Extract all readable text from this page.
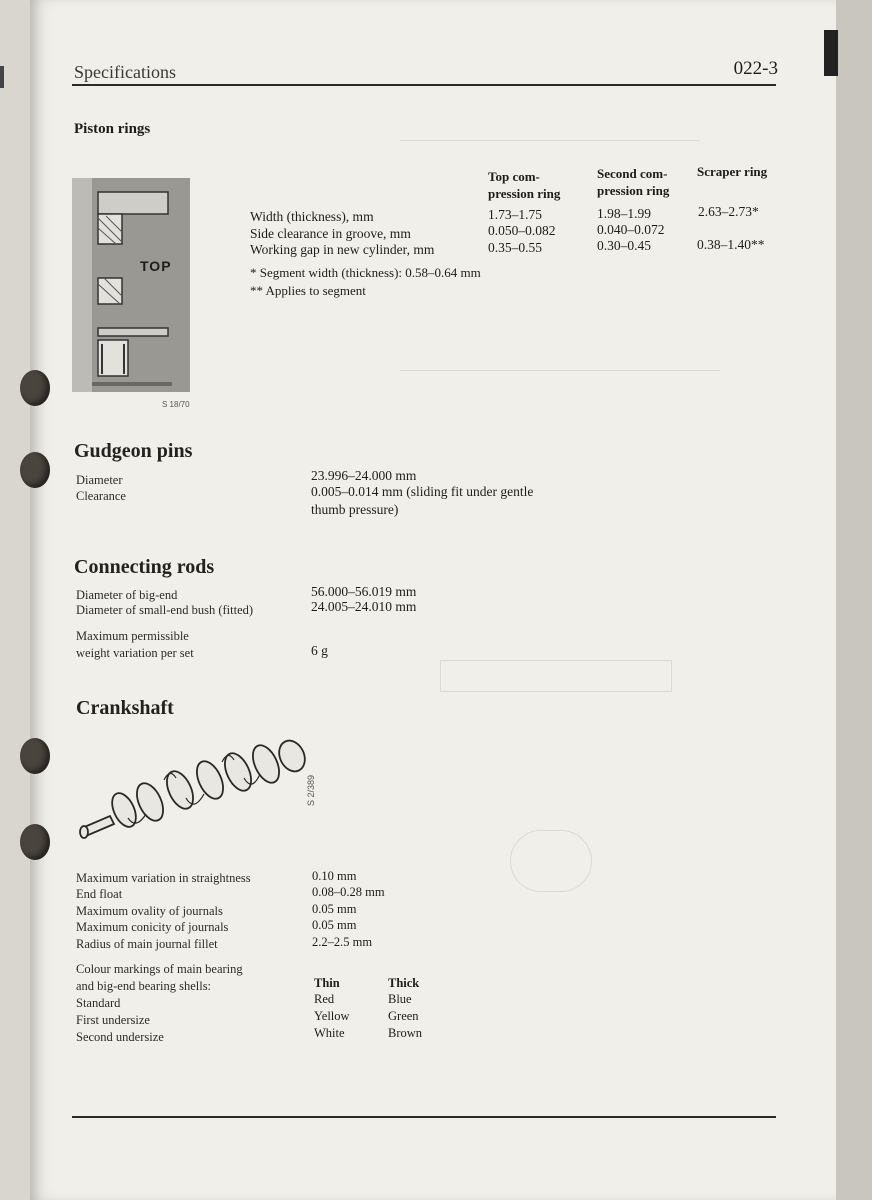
Specifications	022-3
Piston rings
TOP
S 18/70
Top com-
pression ring
Second com-
pression ring
Scraper ring
Width (thickness), mm	1.73–1.75	1.98–1.99	2.63–2.73*
Side clearance in groove, mm	0.050–0.082	0.040–0.072
Working gap in new cylinder, mm	0.35–0.55	0.30–0.45	0.38–1.40**
* Segment width (thickness): 0.58–0.64 mm
** Applies to segment
Gudgeon pins
Diameter	23.996–24.000 mm
Clearance	0.005–0.014 mm (sliding fit under gentle
thumb pressure)
Connecting rods
Diameter of big-end	56.000–56.019 mm
Diameter of small-end bush (fitted)	24.005–24.010 mm
Maximum permissible
weight variation per set	6 g
Crankshaft
S 2/389
Maximum variation in straightness	0.10 mm
End float	0.08–0.28 mm
Maximum ovality of journals	0.05 mm
Maximum conicity of journals	0.05 mm
Radius of main journal fillet	2.2–2.5 mm
Colour markings of main bearing
and big-end bearing shells:	Thin	Thick
Standard	Red	Blue
First undersize	Yellow	Green
Second undersize	White	Brown
